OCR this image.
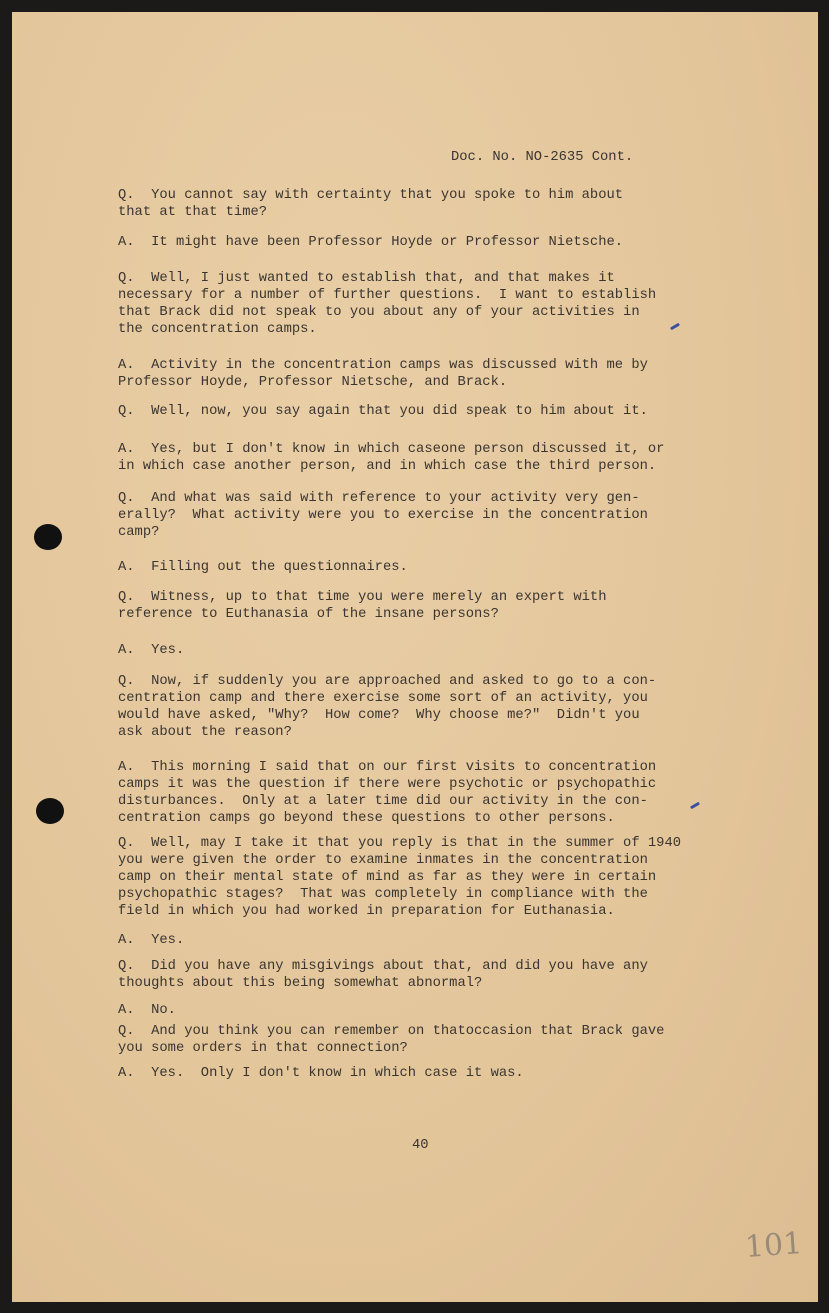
Doc. No. NO-2635 Cont.
Q.  You cannot say with certainty that you spoke to him about
that at that time?
A.  It might have been Professor Hoyde or Professor Nietsche.
Q.  Well, I just wanted to establish that, and that makes it
necessary for a number of further questions.  I want to establish
that Brack did not speak to you about any of your activities in
the concentration camps.
A.  Activity in the concentration camps was discussed with me by
Professor Hoyde, Professor Nietsche, and Brack.
Q.  Well, now, you say again that you did speak to him about it.
A.  Yes, but I don't know in which caseone person discussed it, or
in which case another person, and in which case the third person.
Q.  And what was said with reference to your activity very gen-
erally?  What activity were you to exercise in the concentration
camp?
A.  Filling out the questionnaires.
Q.  Witness, up to that time you were merely an expert with
reference to Euthanasia of the insane persons?
A.  Yes.
Q.  Now, if suddenly you are approached and asked to go to a con-
centration camp and there exercise some sort of an activity, you
would have asked, "Why?  How come?  Why choose me?"  Didn't you
ask about the reason?
A.  This morning I said that on our first visits to concentration
camps it was the question if there were psychotic or psychopathic
disturbances.  Only at a later time did our activity in the con-
centration camps go beyond these questions to other persons.
Q.  Well, may I take it that you reply is that in the summer of 1940
you were given the order to examine inmates in the concentration
camp on their mental state of mind as far as they were in certain
psychopathic stages?  That was completely in compliance with the
field in which you had worked in preparation for Euthanasia.
A.  Yes.
Q.  Did you have any misgivings about that, and did you have any
thoughts about this being somewhat abnormal?
A.  No.
Q.  And you think you can remember on thatoccasion that Brack gave
you some orders in that connection?
A.  Yes.  Only I don't know in which case it was.
40
101
